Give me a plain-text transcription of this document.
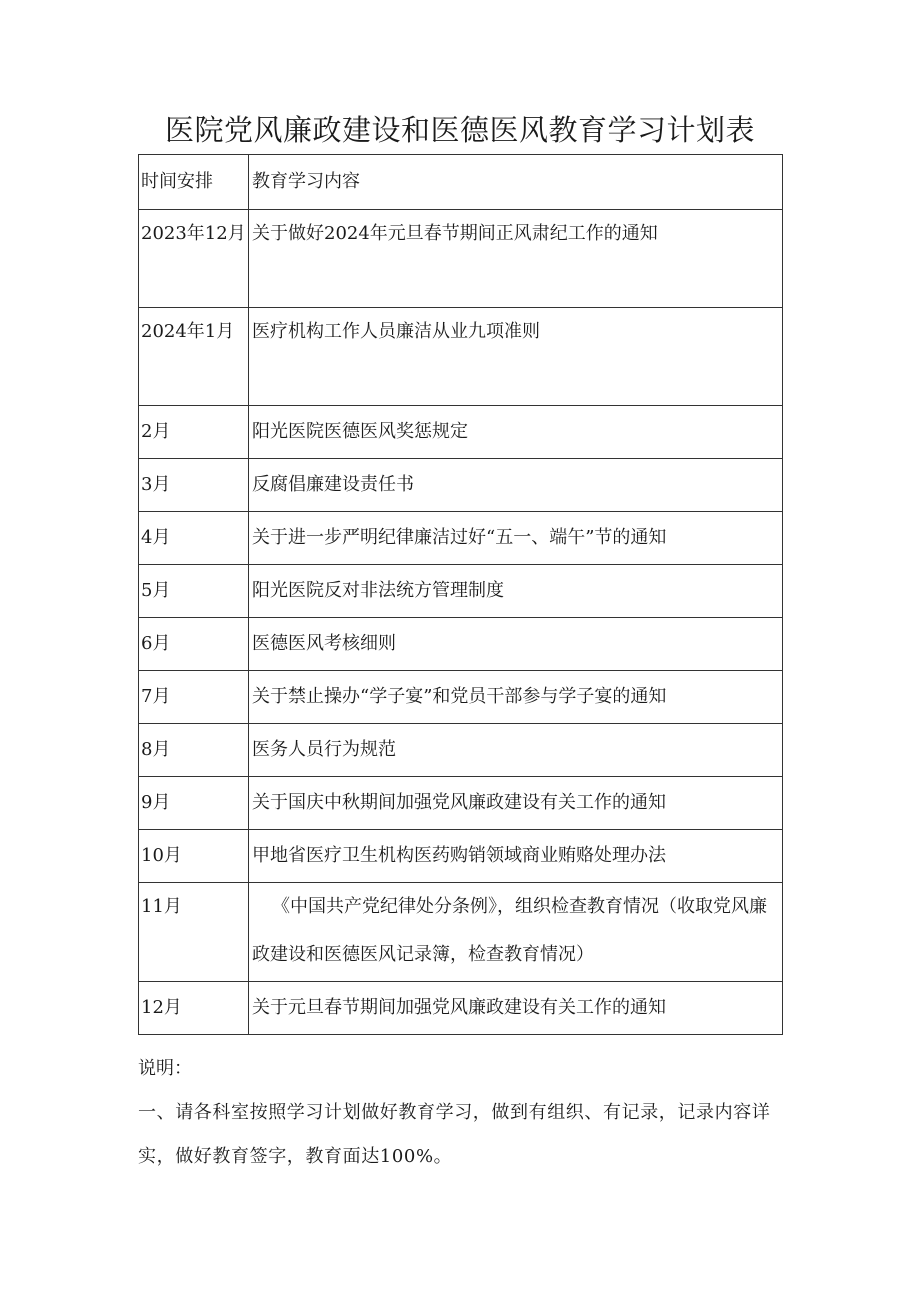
医院党风廉政建设和医德医风教育学习计划表
时间安排	教育学习内容
2023年12月	关于做好2024年元旦春节期间正风肃纪工作的通知
2024年1月	医疗机构工作人员廉洁从业九项准则
2月	阳光医院医德医风奖惩规定
3月	反腐倡廉建设责任书
4月	关于进一步严明纪律廉洁过好“五一、端午”节的通知
5月	阳光医院反对非法统方管理制度
6月	医德医风考核细则
7月	关于禁止操办“学子宴”和党员干部参与学子宴的通知
8月	医务人员行为规范
9月	关于国庆中秋期间加强党风廉政建设有关工作的通知
10月	甲地省医疗卫生机构医药购销领域商业贿赂处理办法
11月	《中国共产党纪律处分条例》，组织检查教育情况（收取党风廉政建设和医德医风记录簿，检查教育情况）
12月	关于元旦春节期间加强党风廉政建设有关工作的通知

说明：

一、请各科室按照学习计划做好教育学习，做到有组织、有记录，记录内容详实，做好教育签字，教育面达100%。
